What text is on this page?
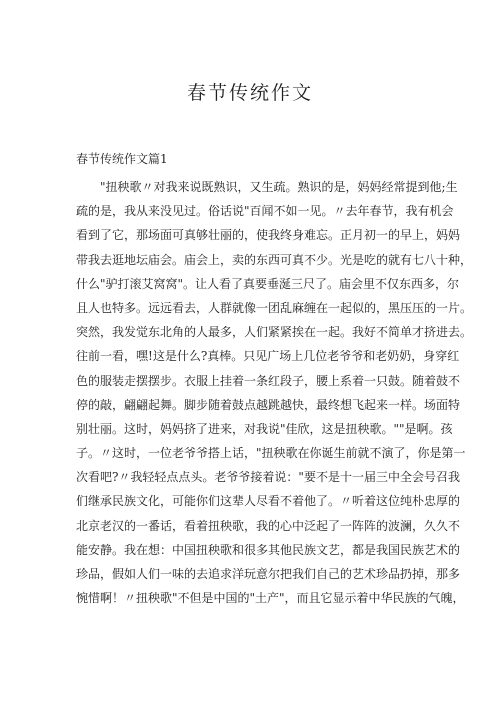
春节传统作文
春节传统作文篇1
"扭秧歌〃对我来说既熟识，又生疏。熟识的是，妈妈经常提到他;生
疏的是，我从来没见过。俗话说"百闻不如一见。〃去年春节，我有机会
看到了它，那场面可真够壮丽的，使我终身难忘。正月初一的早上，妈妈
带我去逛地坛庙会。庙会上，卖的东西可真不少。光是吃的就有七八十种，
什么"驴打滚艾窝窝"。让人看了真要垂涎三尺了。庙会里不仅东西多，尔
且人也特多。远远看去，人群就像一团乱麻缠在一起似的，黑压压的一片。
突然，我发觉东北角的人最多，人们紧紧挨在一起。我好不简单才挤进去。
往前一看，嘿!这是什么?真棒。只见广场上几位老爷爷和老奶奶，身穿红
色的服装走摆摆步。衣服上挂着一条红段子，腰上系着一只鼓。随着鼓不
停的敲，翩翩起舞。脚步随着鼓点越跳越快，最终想飞起来一样。场面特
别壮丽。这时，妈妈挤了进来，对我说"佳欣，这是扭秧歌。""是啊。孩
子。〃这时，一位老爷爷搭上话，"扭秧歌在你诞生前就不演了，你是第一
次看吧?〃我轻轻点点头。老爷爷接着说："要不是十一届三中全会号召我
们继承民族文化，可能你们这辈人尽看不着他了。〃听着这位纯朴忠厚的
北京老汉的一番话，看着扭秧歌，我的心中泛起了一阵阵的波澜，久久不
能安静。我在想：中国扭秧歌和很多其他民族文艺，都是我国民族艺术的
珍品，假如人们一味的去追求洋玩意尔把我们自己的艺术珍品扔掉，那多
惋惜啊！〃扭秧歌"不但是中国的"土产"，而且它显示着中华民族的气魄，
